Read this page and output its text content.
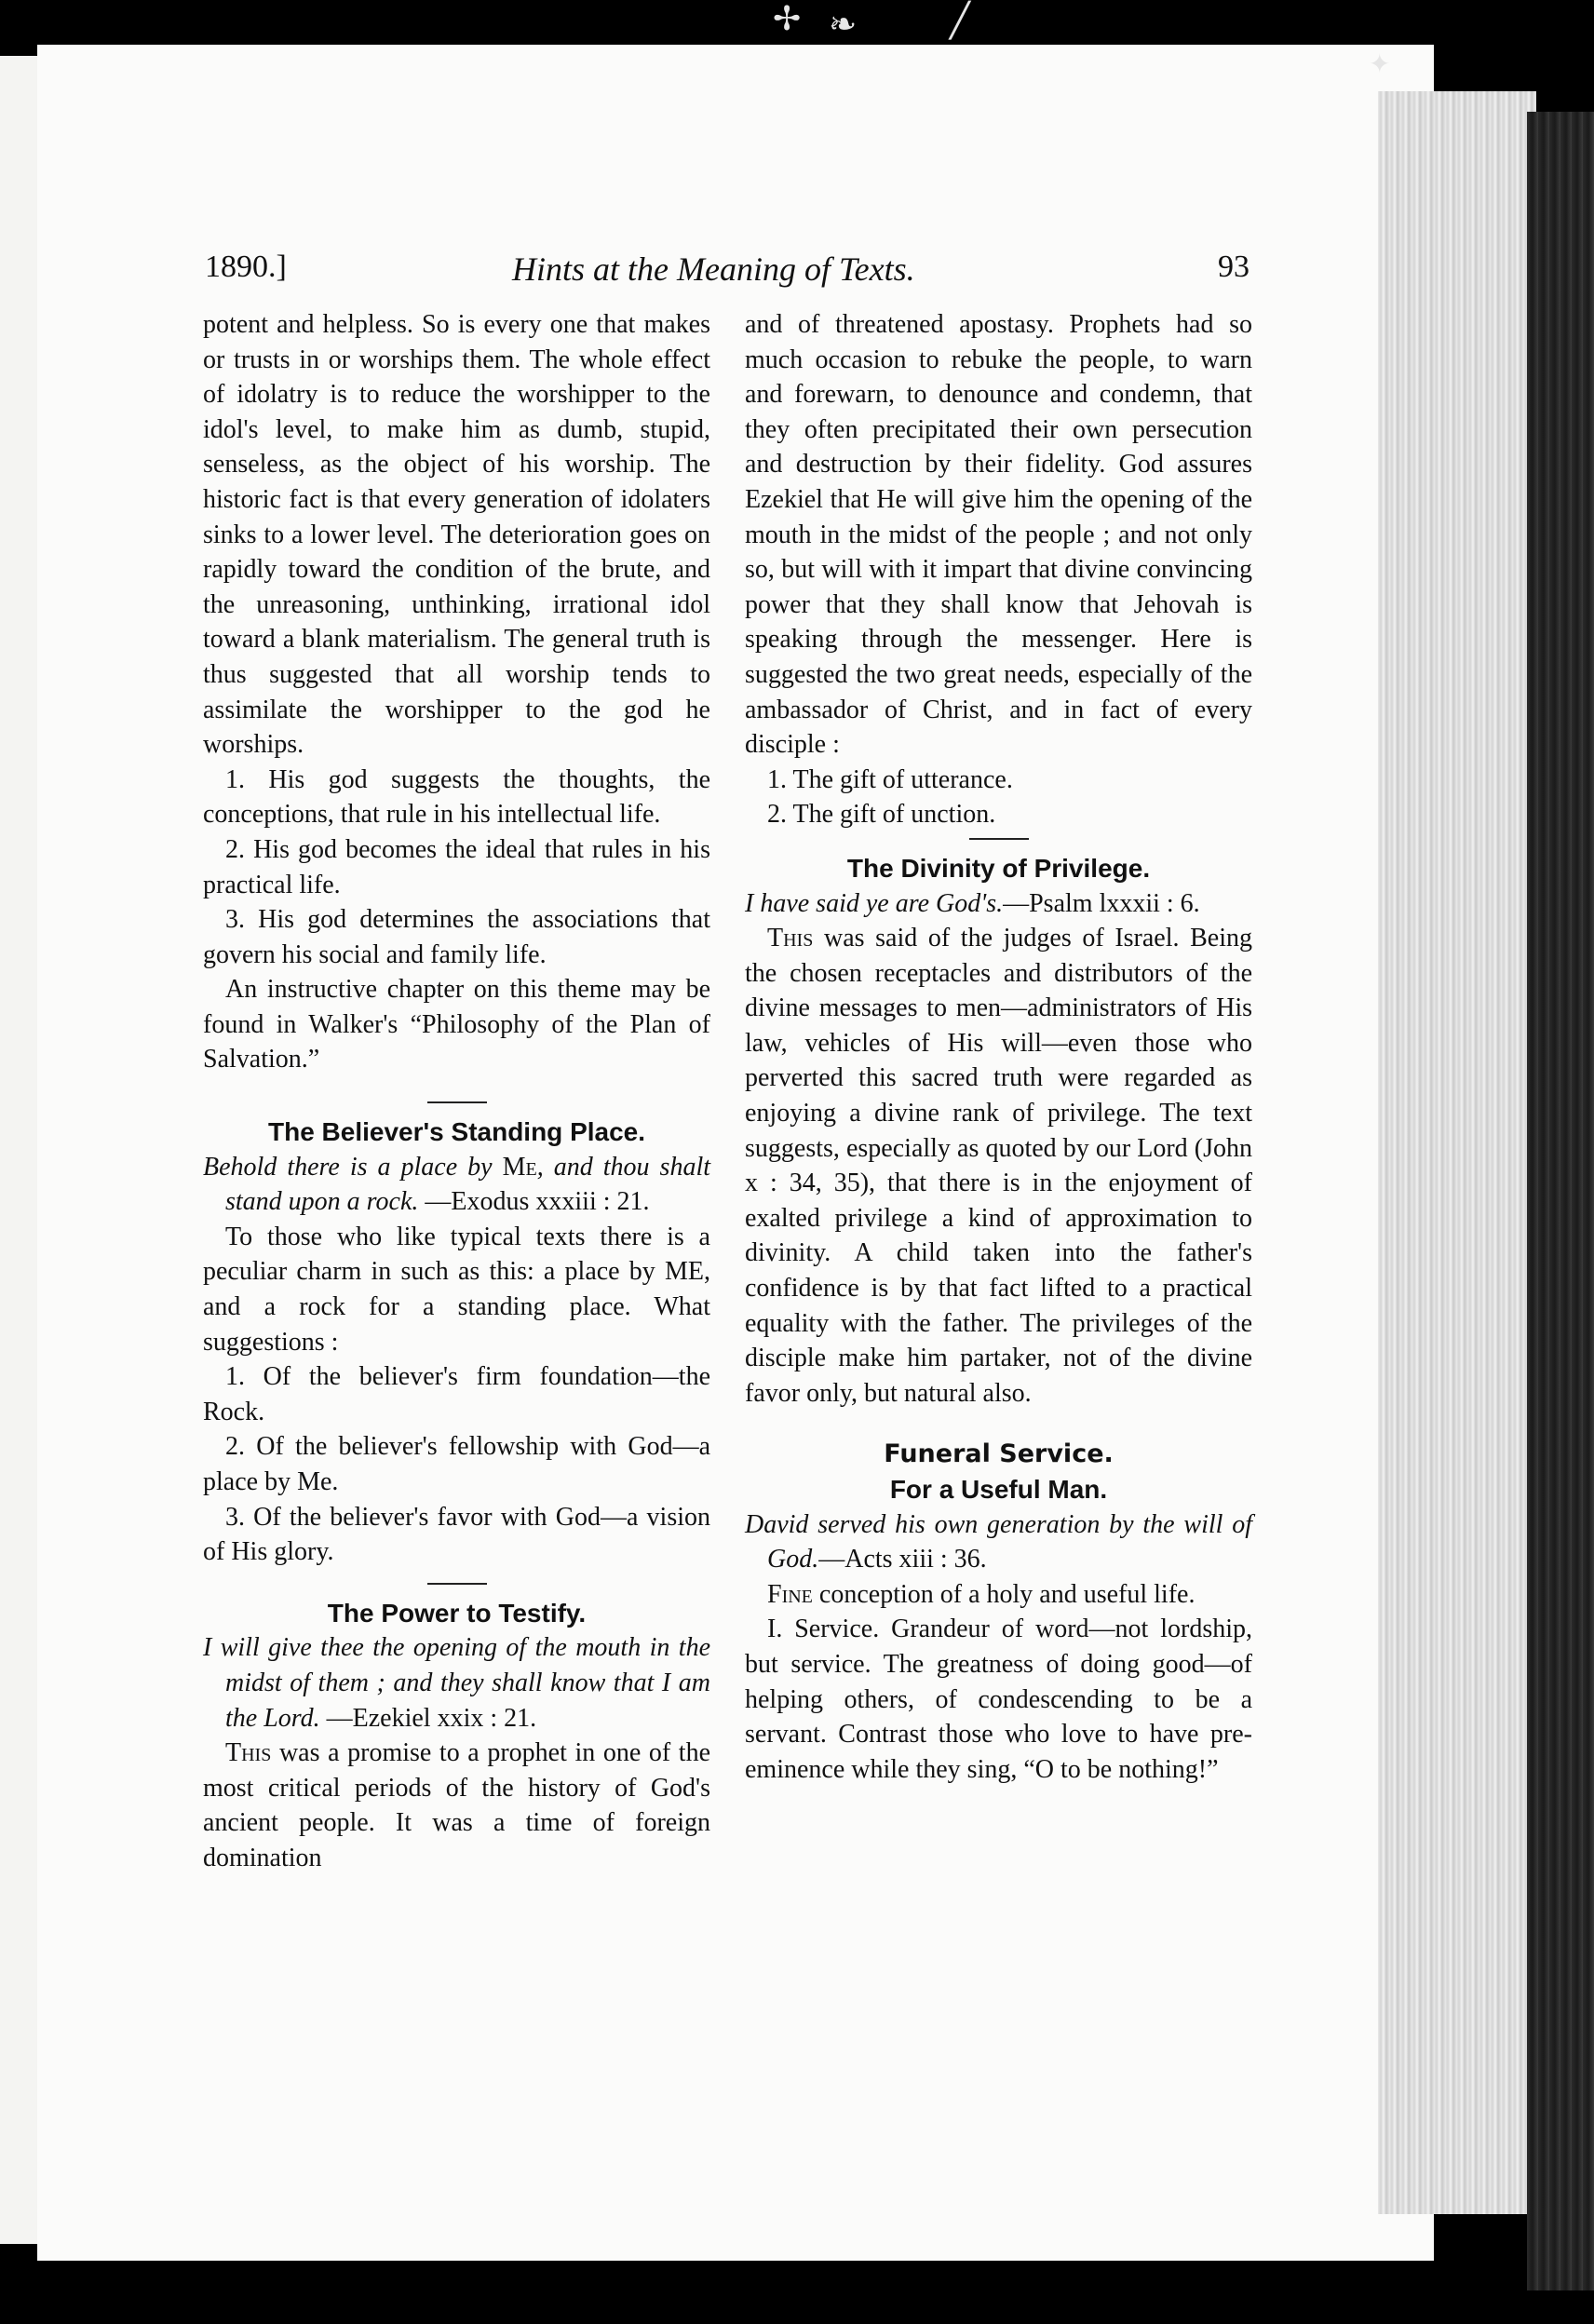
✢ ❧	╱
✦
1890.]	Hints at the Meaning of Texts.	93

potent and helpless. So is every one that makes or trusts in or worships them. The whole effect of idolatry is to reduce the worshipper to the idol's level, to make him as dumb, stupid, senseless, as the object of his worship. The historic fact is that every generation of idolaters sinks to a lower level. The deterioration goes on rapidly toward the condition of the brute, and the unreasoning, unthinking, irrational idol toward a blank materialism. The general truth is thus suggested that all worship tends to assimilate the worshipper to the god he worships.

1. His god suggests the thoughts, the conceptions, that rule in his intellectual life.

2. His god becomes the ideal that rules in his practical life.

3. His god determines the associations that govern his social and family life.

An instructive chapter on this theme may be found in Walker's “Philosophy of the Plan of Salvation.”

The Believer's Standing Place.

Behold there is a place by Me, and thou shalt stand upon a rock. —Exodus xxxiii : 21.

To those who like typical texts there is a peculiar charm in such as this: a place by ME, and a rock for a standing place. What suggestions :

1. Of the believer's firm foundation—the Rock.

2. Of the believer's fellowship with God—a place by Me.

3. Of the believer's favor with God—a vision of His glory.

The Power to Testify.

I will give thee the opening of the mouth in the midst of them ; and they shall know that I am the Lord. —Ezekiel xxix : 21.

This was a promise to a prophet in one of the most critical periods of the history of God's ancient people. It was a time of foreign domination

and of threatened apostasy. Prophets had so much occasion to rebuke the people, to warn and forewarn, to denounce and condemn, that they often precipitated their own persecution and destruction by their fidelity. God assures Ezekiel that He will give him the opening of the mouth in the midst of the people ; and not only so, but will with it impart that divine convincing power that they shall know that Jehovah is speaking through the messenger. Here is suggested the two great needs, especially of the ambassador of Christ, and in fact of every disciple :

1. The gift of utterance.

2. The gift of unction.

The Divinity of Privilege.

I have said ye are God's.—Psalm lxxxii : 6.

This was said of the judges of Israel. Being the chosen receptacles and distributors of the divine messages to men—administrators of His law, vehicles of His will—even those who perverted this sacred truth were regarded as enjoying a divine rank of privilege. The text suggests, especially as quoted by our Lord (John x : 34, 35), that there is in the enjoyment of exalted privilege a kind of approximation to divinity. A child taken into the father's confidence is by that fact lifted to a practical equality with the father. The privileges of the disciple make him partaker, not of the divine favor only, but natural also.

Funeral Service.

For a Useful Man.

David served his own generation by the will of God.—Acts xiii : 36.

Fine conception of a holy and useful life.

I. Service. Grandeur of word—not lordship, but service. The greatness of doing good—of helping others, of condescending to be a servant. Contrast those who love to have pre-eminence while they sing, “O to be nothing!”
